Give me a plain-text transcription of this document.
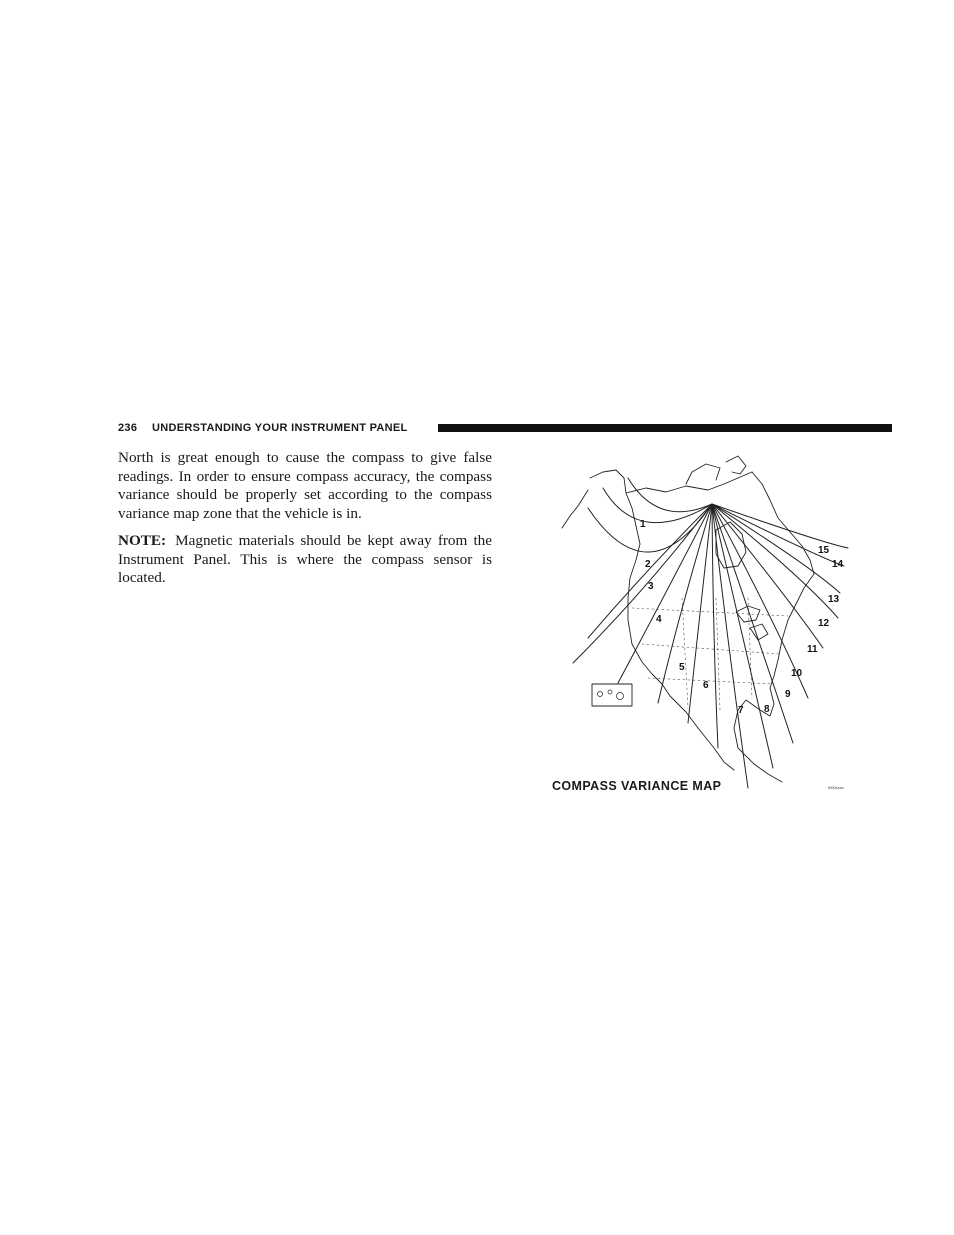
236 UNDERSTANDING YOUR INSTRUMENT PANEL

North is great enough to cause the compass to give false readings. In order to ensure compass accuracy, the compass variance should be properly set according to the compass variance map zone that the vehicle is in.

NOTE: Magnetic materials should be kept away from the Instrument Panel. This is where the compass sensor is located.

1
2
3
4
5
6
7 8
9
10
11
12
13
14
15
COMPASS VARIANCE MAP	f000xxxx
